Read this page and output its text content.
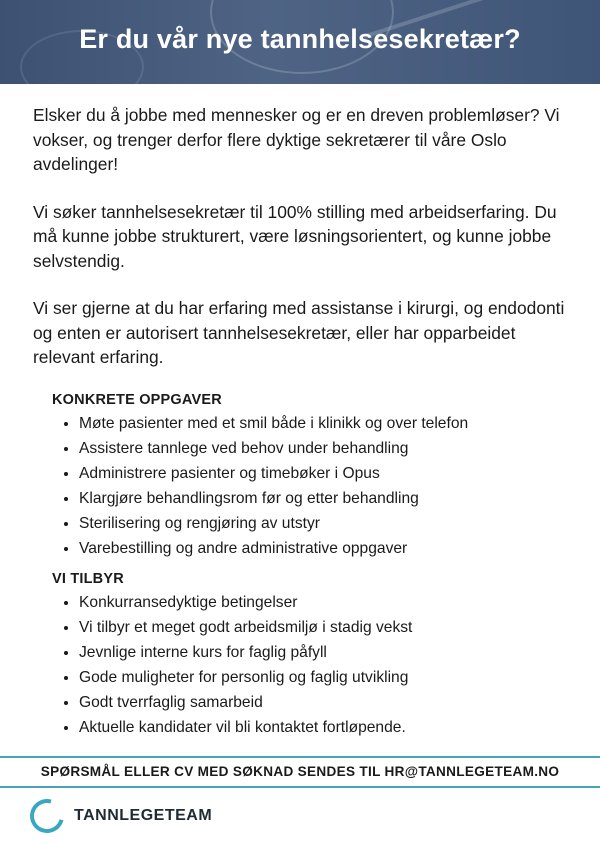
Er du vår nye tannhelsesekretær?

Elsker du å jobbe med mennesker og er en dreven problemløser? Vi vokser, og trenger derfor flere dyktige sekretærer til våre Oslo avdelinger!

Vi søker tannhelsesekretær til 100% stilling med arbeidserfaring. Du må kunne jobbe strukturert, være løsningsorientert, og kunne jobbe selvstendig.

Vi ser gjerne at du har erfaring med assistanse i kirurgi, og endodonti og enten er autorisert tannhelsesekretær, eller har opparbeidet relevant erfaring.

KONKRETE OPPGAVER
• Møte pasienter med et smil både i klinikk og over telefon
• Assistere tannlege ved behov under behandling
• Administrere pasienter og timebøker i Opus
• Klargjøre behandlingsrom før og etter behandling
• Sterilisering og rengjøring av utstyr
• Varebestilling og andre administrative oppgaver
VI TILBYR
• Konkurransedyktige betingelser
• Vi tilbyr et meget godt arbeidsmiljø i stadig vekst
• Jevnlige interne kurs for faglig påfyll
• Gode muligheter for personlig og faglig utvikling
• Godt tverrfaglig samarbeid
• Aktuelle kandidater vil bli kontaktet fortløpende.
SPØRSMÅL ELLER CV MED SØKNAD SENDES TIL HR@TANNLEGETEAM.NO
TANNLEGETEAM
